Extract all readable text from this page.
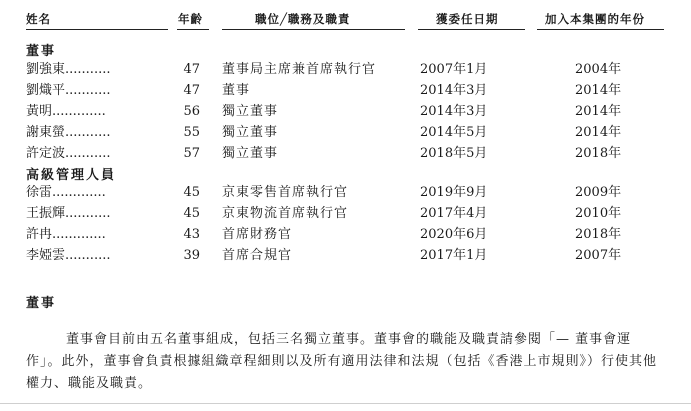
姓名	年齡	職位╱職務及職責	獲委任日期	加入本集團的年份
董事
劉強東...........	47 董事局主席兼首席執行官	2007年1月	2004年
劉熾平...........	47 董事	2014年3月	2014年
黃明.............	56 獨立董事	2014年3月	2014年
謝東螢...........	55 獨立董事	2014年5月	2014年
許定波...........	57 獨立董事	2018年5月	2018年
高級管理人員
徐雷.............	45 京東零售首席執行官	2019年9月	2009年
王振輝...........	45 京東物流首席執行官	2017年4月	2010年
許冉.............	43 首席財務官	2020年6月	2018年
李婭雲...........	39 首席合規官	2017年1月	2007年
董事
董事會目前由五名董事組成，包括三名獨立董事。董事會的職能及職責請參閱「— 董事會運作」。此外，董事會負責根據組織章程細則以及所有適用法律和法規（包括《香港上市規則》）行使其他權力、職能及職責。
